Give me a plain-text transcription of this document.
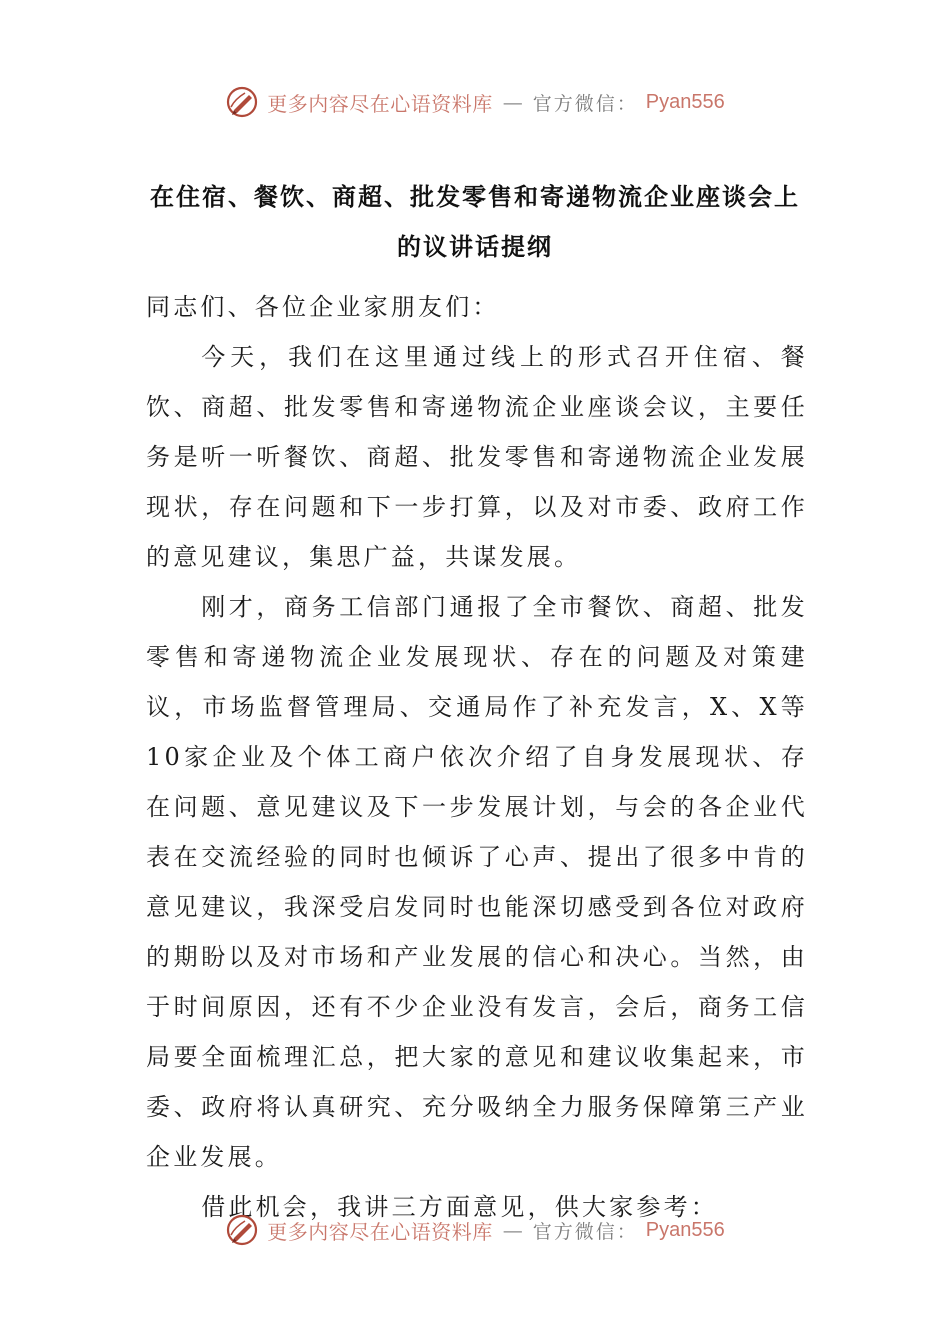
更多内容尽在心语资料库 — 官方微信： Pyan556
在住宿、餐饮、商超、批发零售和寄递物流企业座谈会上
的议讲话提纲

同志们、各位企业家朋友们：

今天，我们在这里通过线上的形式召开住宿、餐饮、商超、批发零售和寄递物流企业座谈会议，主要任务是听一听餐饮、商超、批发零售和寄递物流企业发展现状，存在问题和下一步打算，以及对市委、政府工作的意见建议，集思广益，共谋发展。

刚才，商务工信部门通报了全市餐饮、商超、批发零售和寄递物流企业发展现状、存在的问题及对策建议，市场监督管理局、交通局作了补充发言，X、X等10家企业及个体工商户依次介绍了自身发展现状、存在问题、意见建议及下一步发展计划，与会的各企业代表在交流经验的同时也倾诉了心声、提出了很多中肯的意见建议，我深受启发同时也能深切感受到各位对政府的期盼以及对市场和产业发展的信心和决心。当然，由于时间原因，还有不少企业没有发言，会后，商务工信局要全面梳理汇总，把大家的意见和建议收集起来，市委、政府将认真研究、充分吸纳全力服务保障第三产业企业发展。

借此机会，我讲三方面意见，供大家参考：

更多内容尽在心语资料库 — 官方微信： Pyan556
